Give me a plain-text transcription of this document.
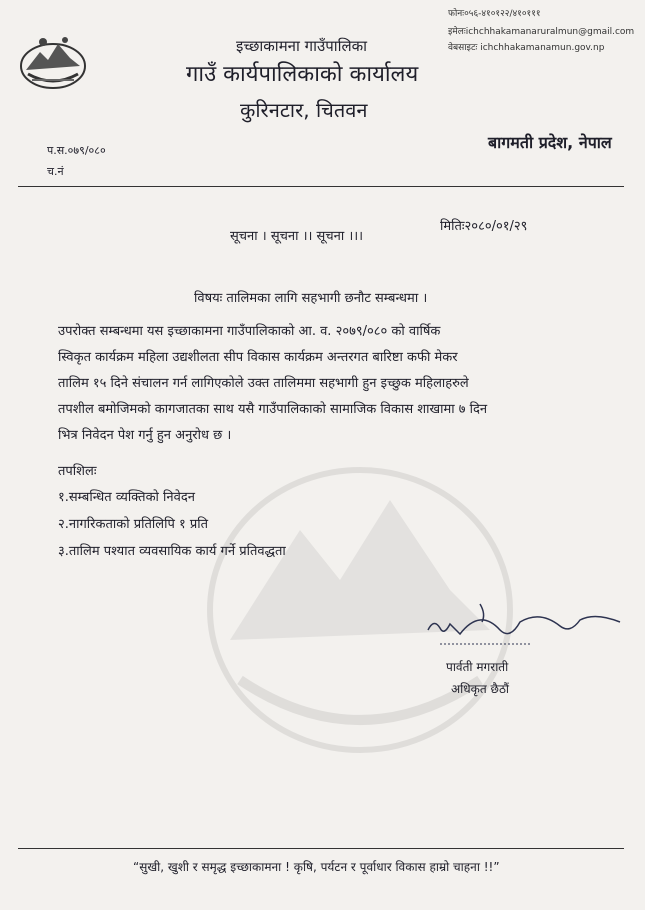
इच्छाकामना गाउँपालिका
गाउँ कार्यपालिकाको कार्यालय
कुरिनटार, चितवन
फोनः०५६-४१०१२२/४१०१११
इमेलःichchhakamanaruralmun@gmail.com
वेबसाइटः ichchhakamanamun.gov.np
बागमती प्रदेश, नेपाल
प.स.०७९/०८०
च.नं
मितिः२०८०/०१/२९
सूचना । सूचना ।। सूचना ।।।
विषयः तालिमका लागि सहभागी छनौट सम्बन्धमा ।
उपरोक्त सम्बन्धमा यस इच्छाकामना गाउँपालिकाको आ. व. २०७९/०८० को वार्षिक
स्विकृत कार्यक्रम महिला उद्यशीलता सीप विकास कार्यक्रम अन्तरगत बारिष्टा कफी मेकर
तालिम १५ दिने संचालन गर्न लागिएकोले उक्त तालिममा सहभागी हुन इच्छुक महिलाहरुले
तपशील बमोजिमको कागजातका साथ यसै गाउँपालिकाको सामाजिक विकास शाखामा ७ दिन
भित्र निवेदन पेश गर्नु हुन अनुरोध छ ।
तपशिलः
१.सम्बन्धित व्यक्तिको निवेदन
२.नागरिकताको प्रतिलिपि १ प्रति
३.तालिम पश्यात व्यवसायिक कार्य गर्ने प्रतिवद्धता
पार्वती मगराती
अधिकृत छैठौं
“सुखी, खुशी र समृद्ध इच्छाकामना ! कृषि, पर्यटन र पूर्वाधार विकास हाम्रो चाहना !!”
